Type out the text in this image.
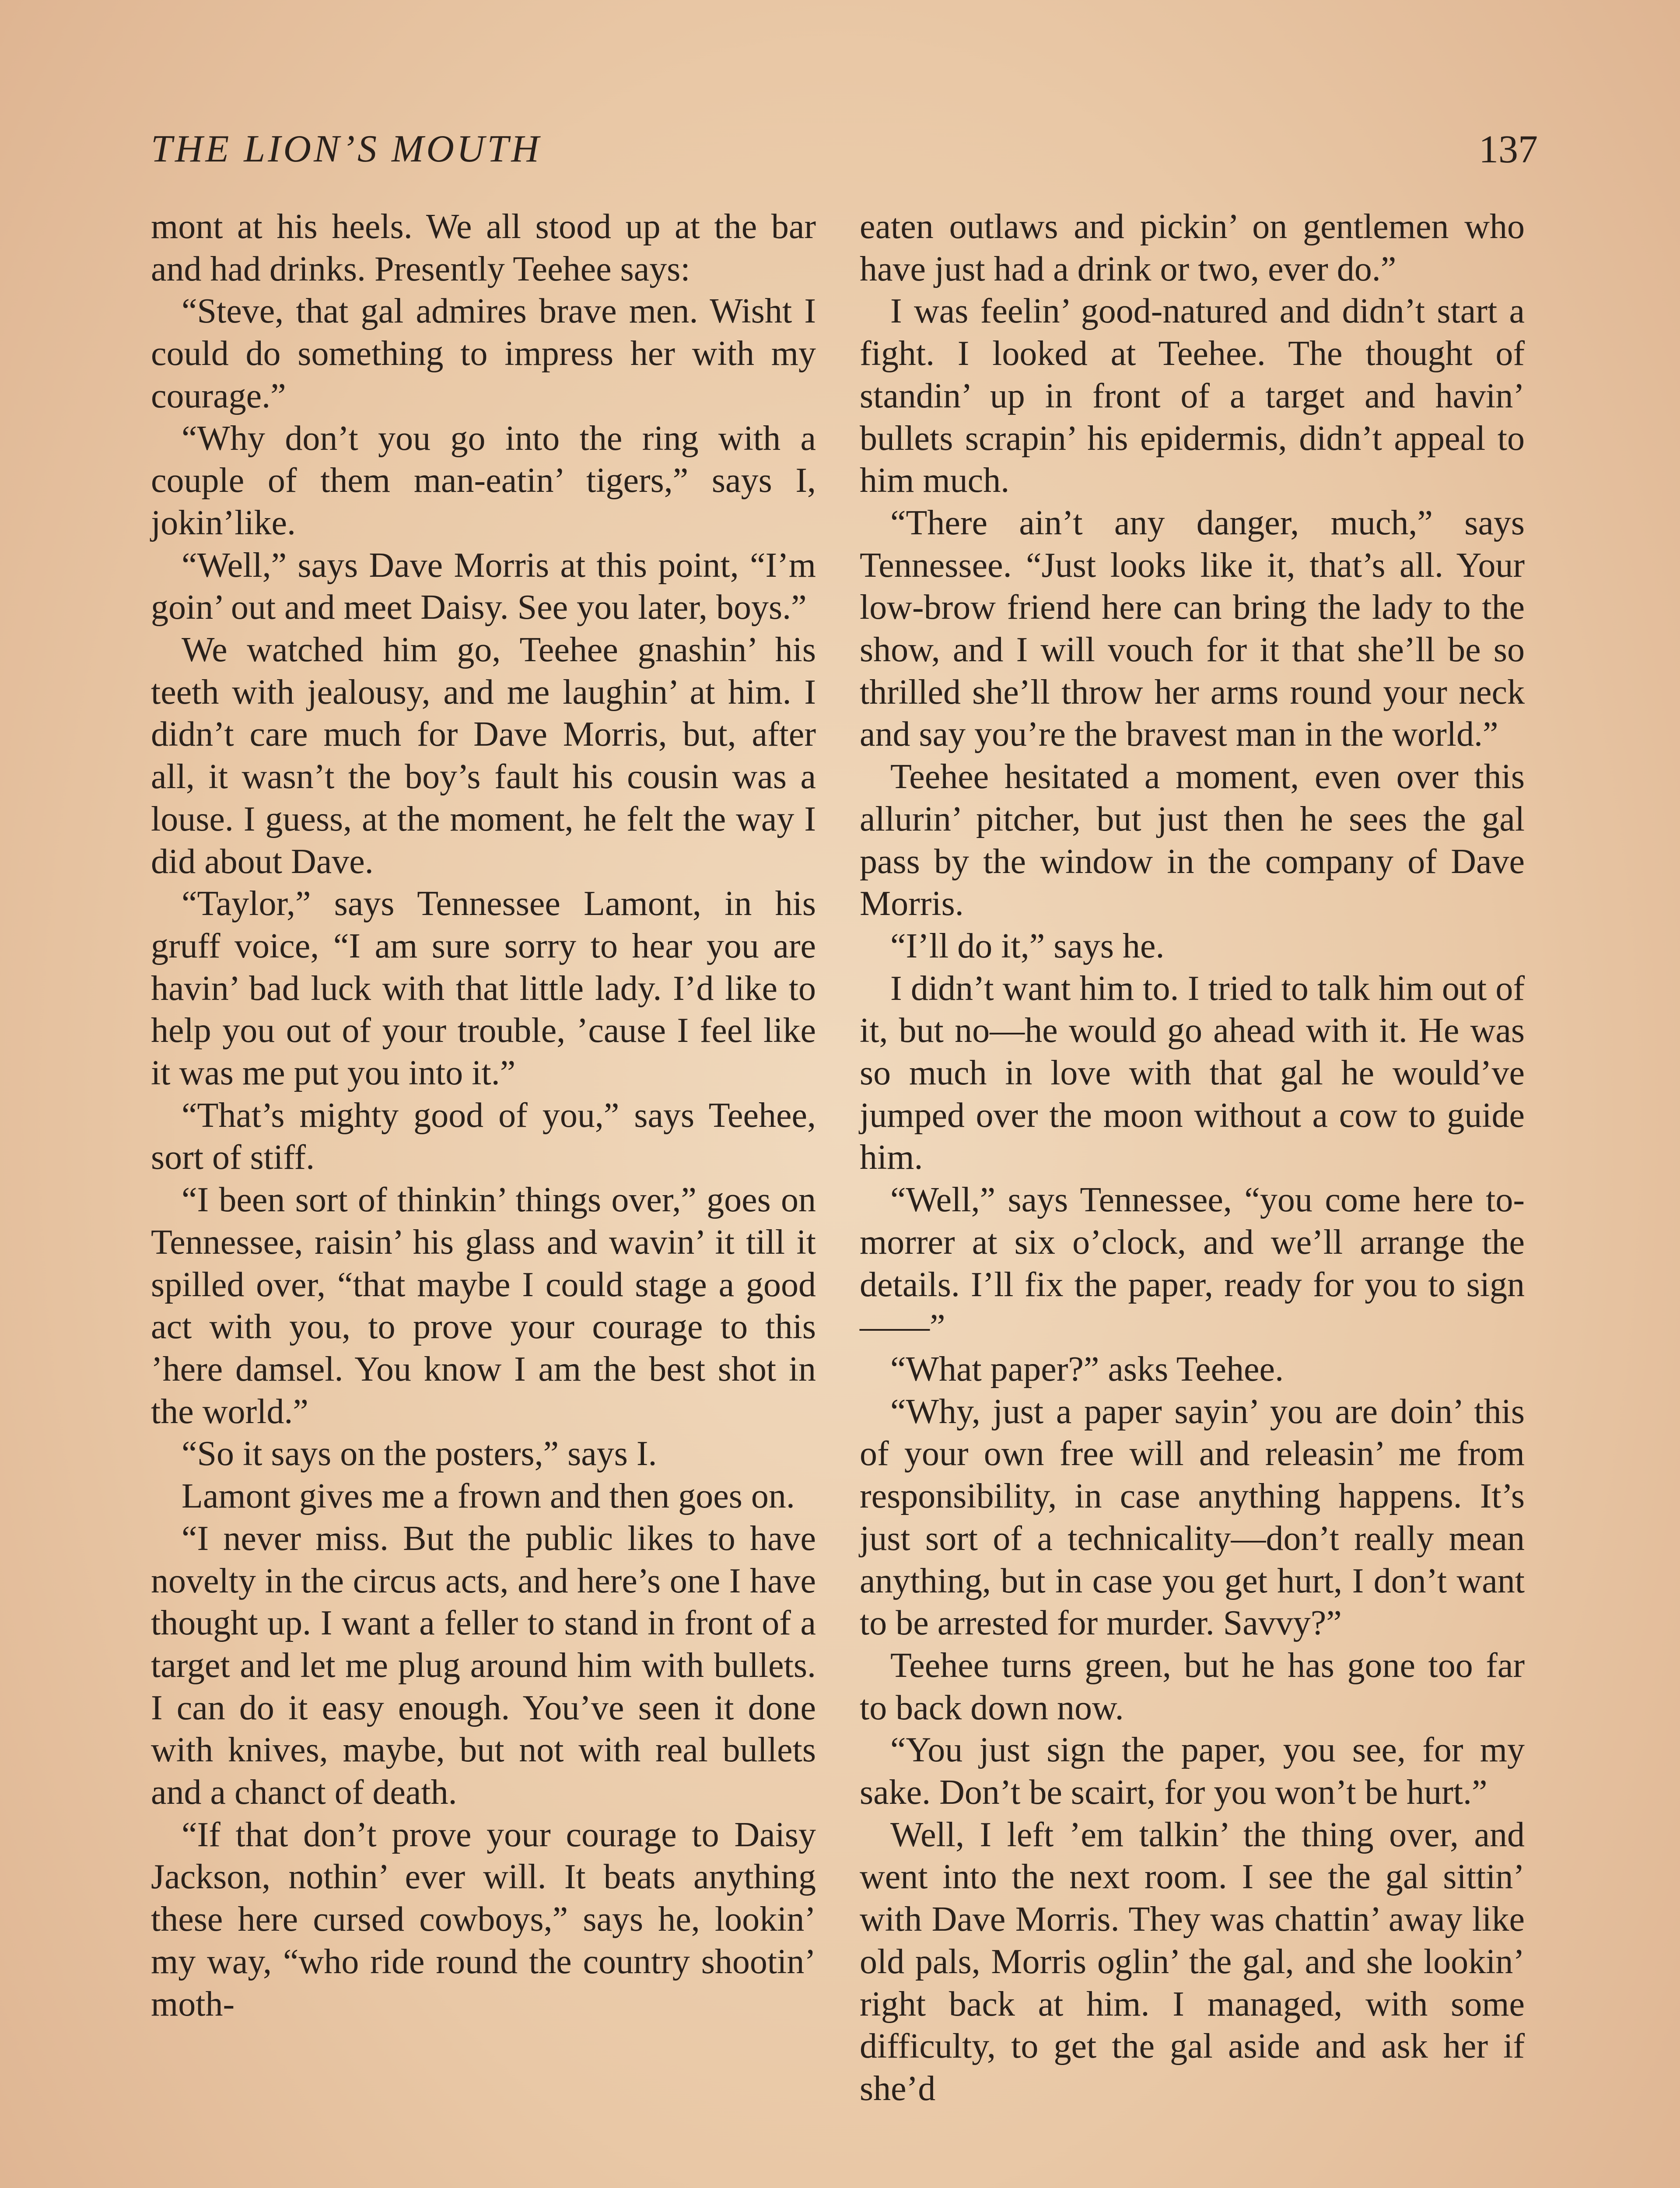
THE LION’S MOUTH	137

mont at his heels. We all stood up at the bar and had drinks. Presently Teehee says:

“Steve, that gal admires brave men. Wisht I could do something to impress her with my courage.”

“Why don’t you go into the ring with a couple of them man-eatin’ tigers,” says I, jokin’like.

“Well,” says Dave Morris at this point, “I’m goin’ out and meet Daisy. See you later, boys.”

We watched him go, Teehee gnashin’ his teeth with jealousy, and me laughin’ at him. I didn’t care much for Dave Morris, but, after all, it wasn’t the boy’s fault his cousin was a louse. I guess, at the moment, he felt the way I did about Dave.

“Taylor,” says Tennessee Lamont, in his gruff voice, “I am sure sorry to hear you are havin’ bad luck with that little lady. I’d like to help you out of your trouble, ’cause I feel like it was me put you into it.”

“That’s mighty good of you,” says Teehee, sort of stiff.

“I been sort of thinkin’ things over,” goes on Tennessee, raisin’ his glass and wavin’ it till it spilled over, “that maybe I could stage a good act with you, to prove your courage to this ’here damsel. You know I am the best shot in the world.”

“So it says on the posters,” says I.

Lamont gives me a frown and then goes on.

“I never miss. But the public likes to have novelty in the circus acts, and here’s one I have thought up. I want a feller to stand in front of a target and let me plug around him with bullets. I can do it easy enough. You’ve seen it done with knives, maybe, but not with real bullets and a chanct of death.

“If that don’t prove your courage to Daisy Jackson, nothin’ ever will. It beats anything these here cursed cowboys,” says he, lookin’ my way, “who ride round the country shootin’ moth-

eaten outlaws and pickin’ on gentlemen who have just had a drink or two, ever do.”

I was feelin’ good-natured and didn’t start a fight. I looked at Teehee. The thought of standin’ up in front of a target and havin’ bullets scrapin’ his epidermis, didn’t appeal to him much.

“There ain’t any danger, much,” says Tennessee. “Just looks like it, that’s all. Your low-brow friend here can bring the lady to the show, and I will vouch for it that she’ll be so thrilled she’ll throw her arms round your neck and say you’re the bravest man in the world.”

Teehee hesitated a moment, even over this allurin’ pitcher, but just then he sees the gal pass by the window in the company of Dave Morris.

“I’ll do it,” says he.

I didn’t want him to. I tried to talk him out of it, but no—he would go ahead with it. He was so much in love with that gal he would’ve jumped over the moon without a cow to guide him.

“Well,” says Tennessee, “you come here to-morrer at six o’clock, and we’ll arrange the details. I’ll fix the paper, ready for you to sign——”

“What paper?” asks Teehee.

“Why, just a paper sayin’ you are doin’ this of your own free will and releasin’ me from responsibility, in case anything happens. It’s just sort of a technicality—don’t really mean anything, but in case you get hurt, I don’t want to be arrested for murder. Savvy?”

Teehee turns green, but he has gone too far to back down now.

“You just sign the paper, you see, for my sake. Don’t be scairt, for you won’t be hurt.”

Well, I left ’em talkin’ the thing over, and went into the next room. I see the gal sittin’ with Dave Morris. They was chattin’ away like old pals, Morris oglin’ the gal, and she lookin’ right back at him. I managed, with some difficulty, to get the gal aside and ask her if she’d
